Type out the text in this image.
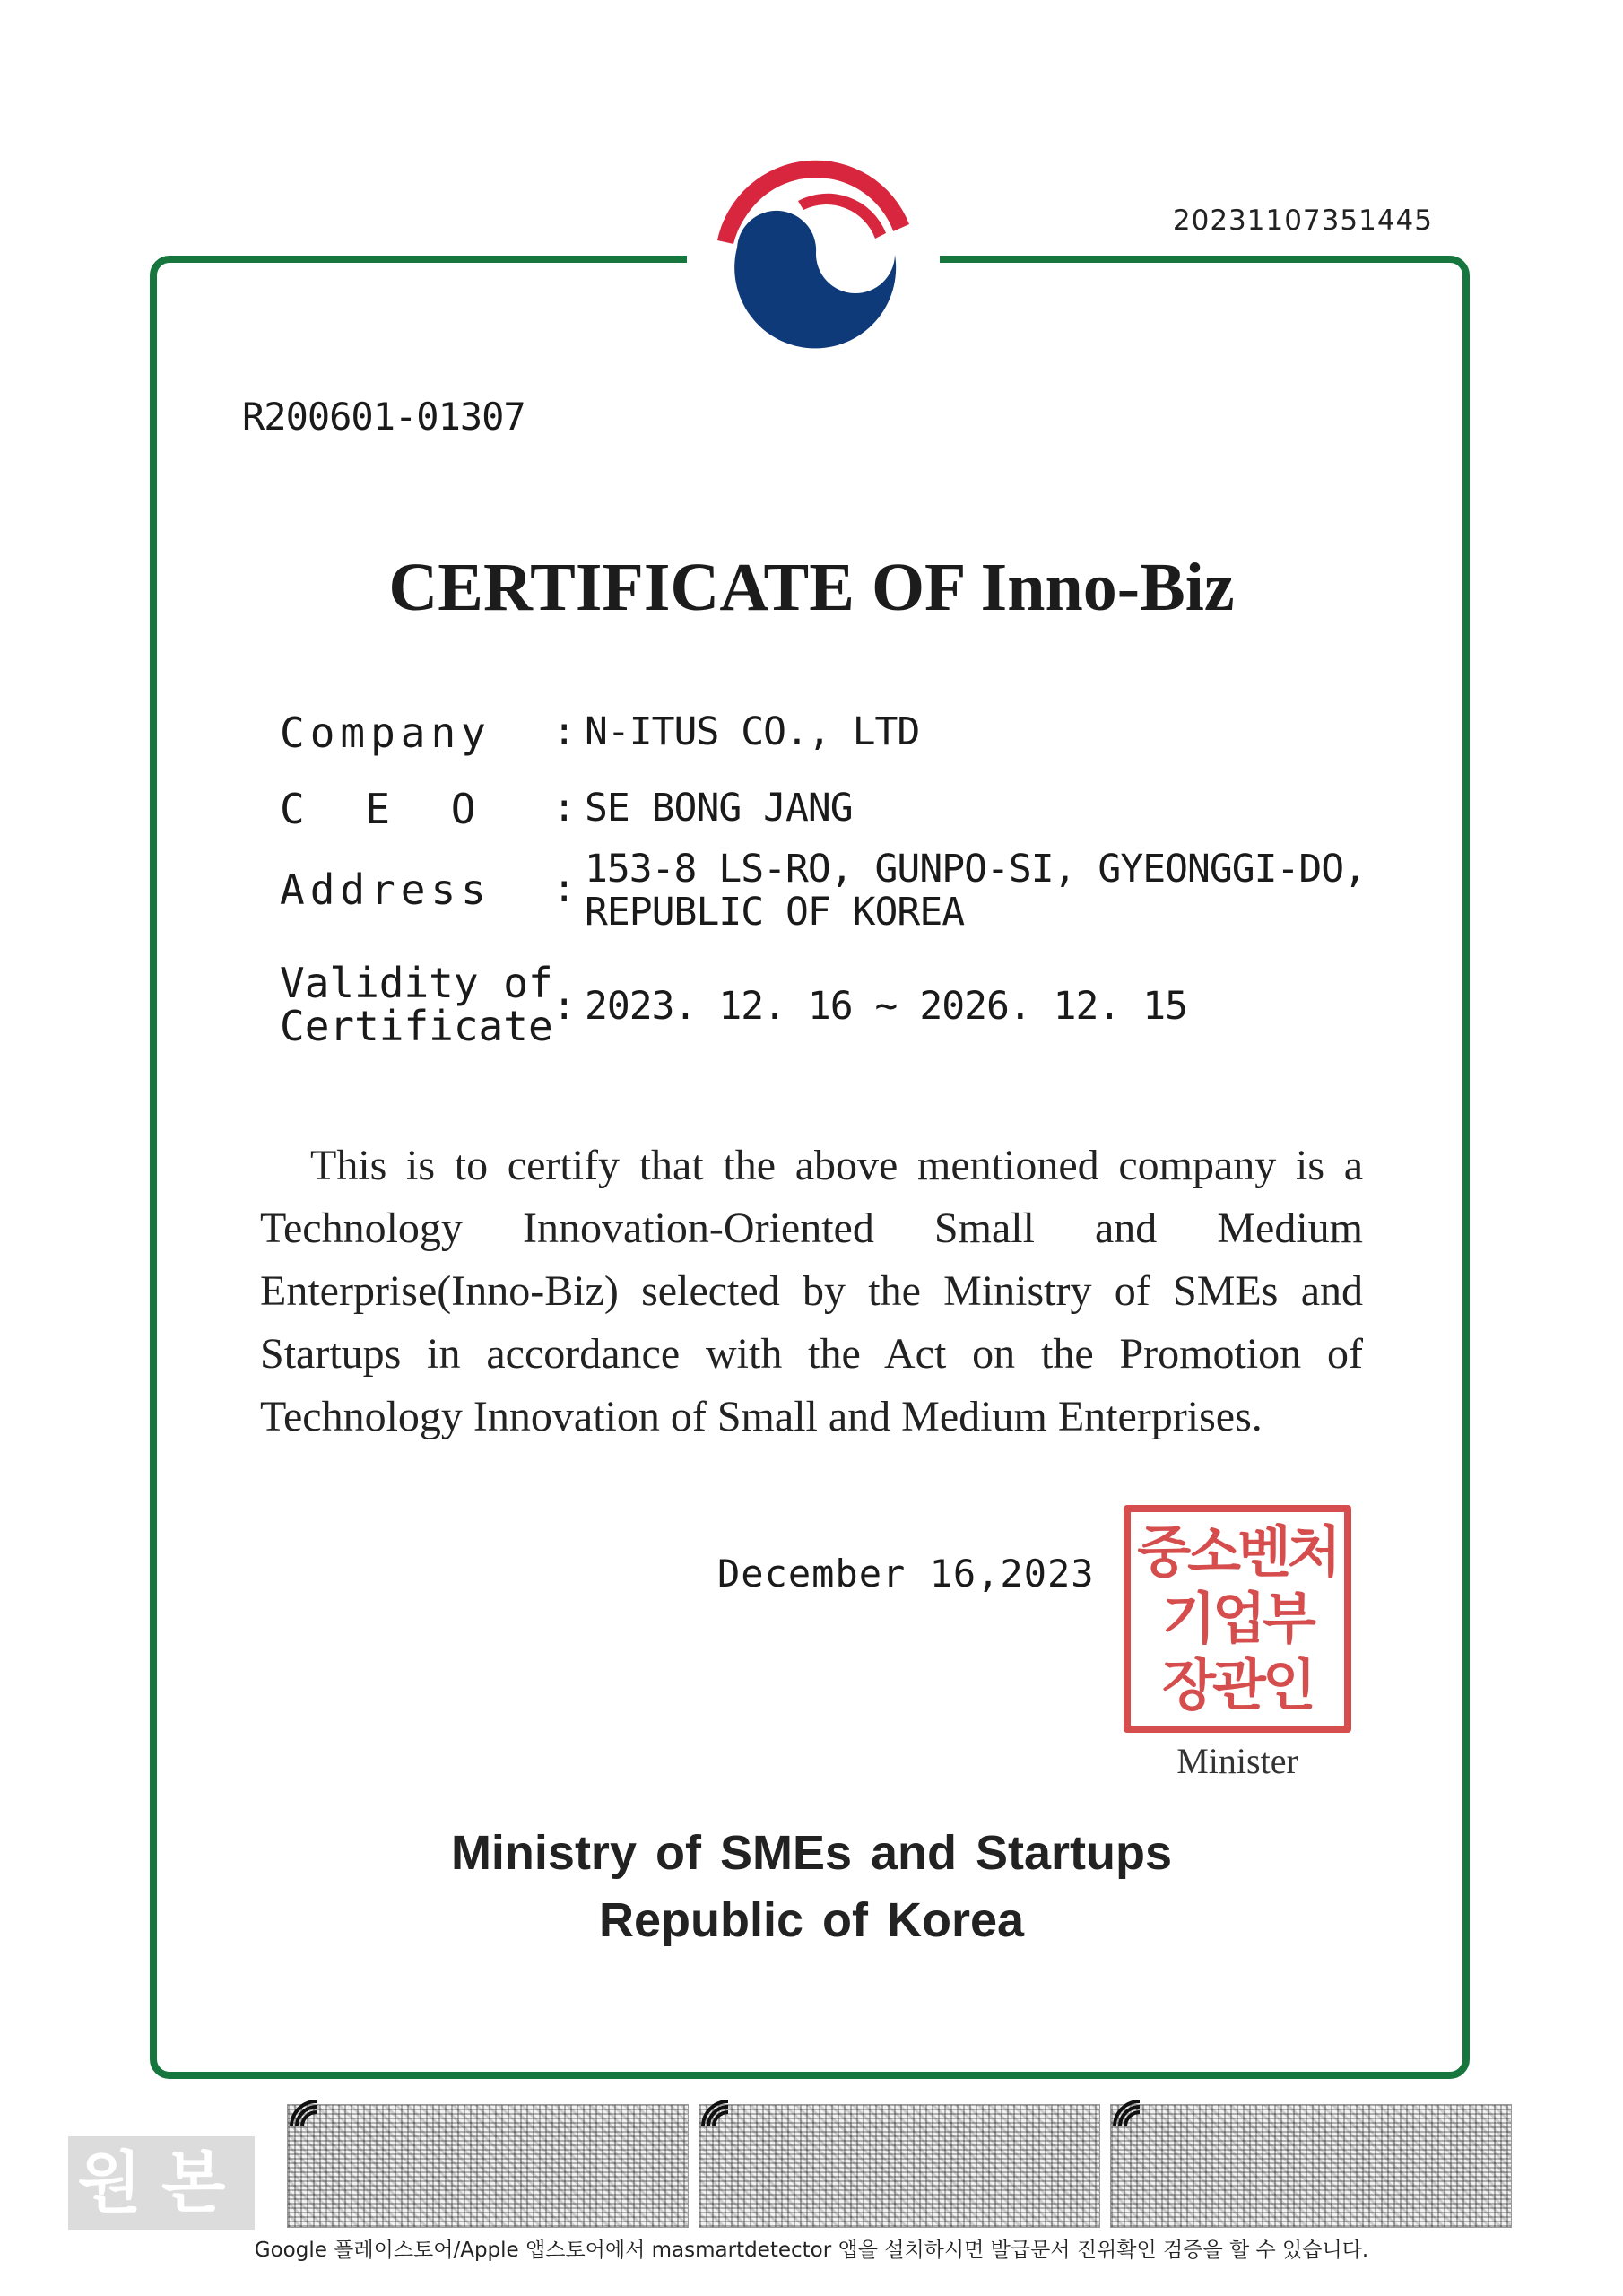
20231107351445
R200601-01307
CERTIFICATE OF Inno-Biz
Company : N-ITUS CO., LTD
C E O : SE BONG JANG
Address : 153-8 LS-RO, GUNPO-SI, GYEONGGI-DO,
REPUBLIC OF KOREA
Validity of
Certificate : 2023. 12. 16 ~ 2026. 12. 15
This is to certify that the above mentioned company is a Technology Innovation-Oriented Small and Medium Enterprise(Inno-Biz) selected by the Ministry of SMEs and Startups in accordance with the Act on the Promotion of Technology Innovation of Small and Medium Enterprises.
December 16,2023 중소벤처
기업부
장관인
Minister
Ministry of SMEs and Startups
Republic of Korea
원본
Google 플레이스토어/Apple 앱스토어에서 masmartdetector 앱을 설치하시면 발급문서 진위확인 검증을 할 수 있습니다.
